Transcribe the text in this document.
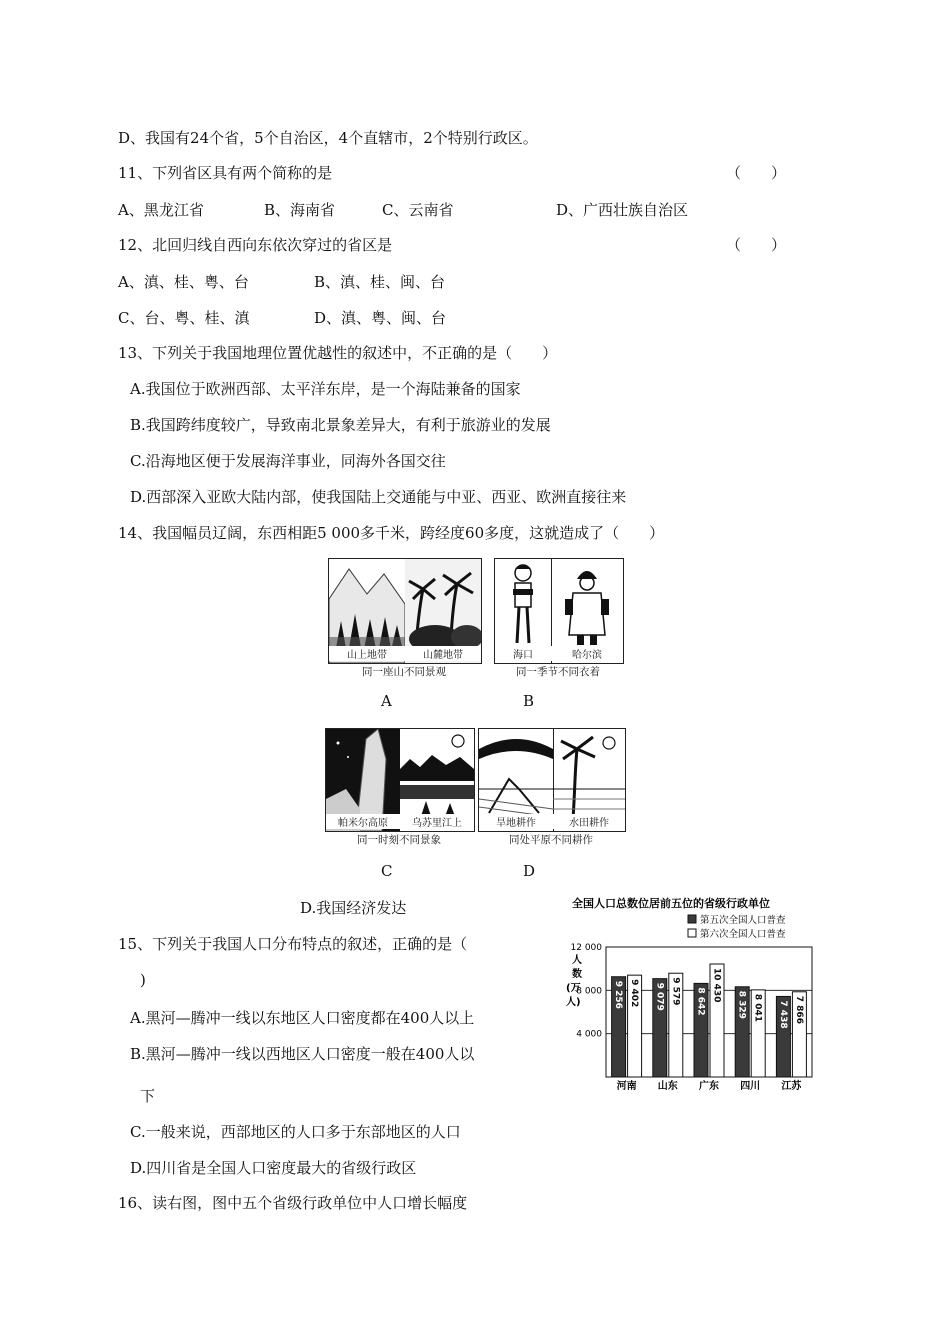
D、我国有24个省，5个自治区，4个直辖市，2个特别行政区。
11、下列省区具有两个简称的是	（　　）
A、黑龙江省	B、海南省	C、云南省	D、广西壮族自治区
12、北回归线自西向东依次穿过的省区是	（　　）
A、滇、桂、粤、台	B、滇、桂、闽、台
C、台、粤、桂、滇	D、滇、粤、闽、台
13、下列关于我国地理位置优越性的叙述中，不正确的是（　　）
A.我国位于欧洲西部、太平洋东岸，是一个海陆兼备的国家
B.我国跨纬度较广，导致南北景象差异大，有利于旅游业的发展
C.沿海地区便于发展海洋事业，同海外各国交往
D.西部深入亚欧大陆内部，使我国陆上交通能与中亚、西亚、欧洲直接往来
14、我国幅员辽阔，东西相距5 000多千米，跨经度60多度，这就造成了（　　）
山上地带	山麓地带
同一座山不同景观
A
海口	哈尔滨
同一季节不同衣着
B
帕米尔高原	乌苏里江上
同一时刻不同景象
C
旱地耕作	水田耕作
同处平原不同耕作
D
D.我国经济发达
15、下列关于我国人口分布特点的叙述，正确的是（
)
A.黑河—腾冲一线以东地区人口密度都在400人以上
B.黑河—腾冲一线以西地区人口密度一般在400人以
下
C.一般来说，西部地区的人口多于东部地区的人口
D.四川省是全国人口密度最大的省级行政区
16、读右图，图中五个省级行政单位中人口增长幅度
全国人口总数位居前五位的省级行政单位
第五次全国人口普查
第六次全国人口普查
人数(万人)
4 000
8 000
12 000
河南
9 256 9 402
山东
9 079 9 579
广东
8 642 10 430
四川
8 329 8 041
江苏
7 438 7 866
